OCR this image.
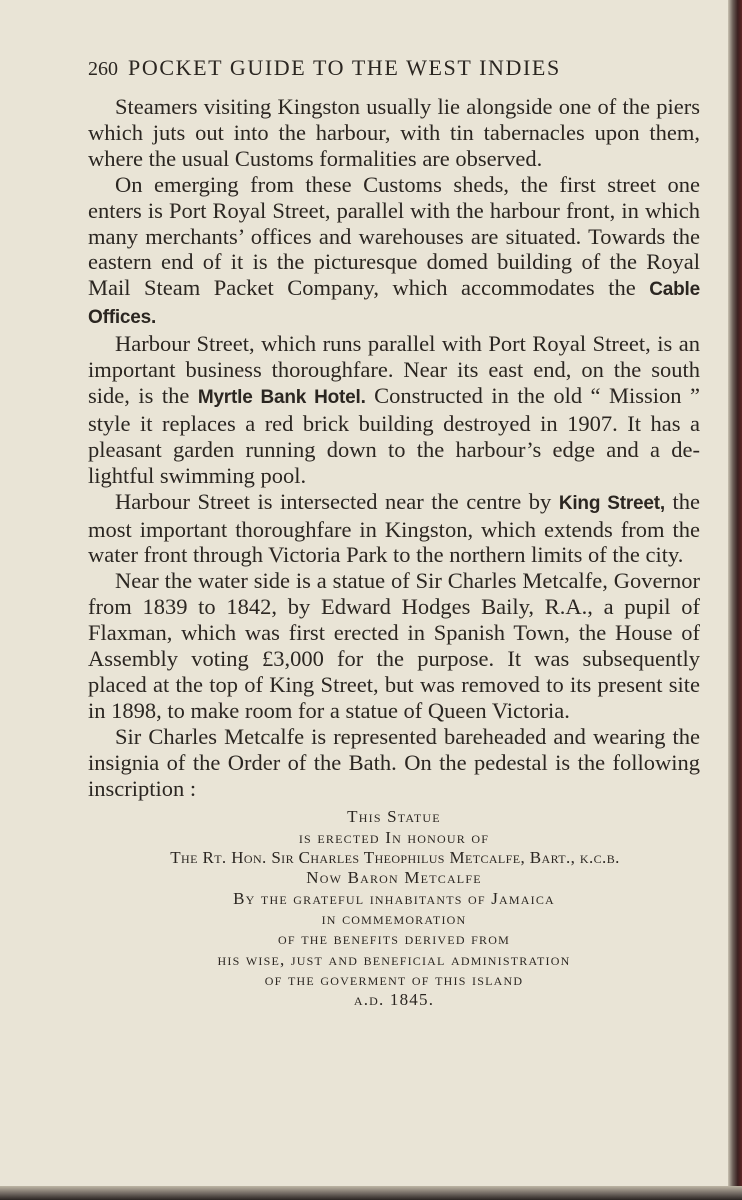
260 POCKET GUIDE TO THE WEST INDIES

Steamers visiting Kingston usually lie alongside one of the piers which juts out into the harbour, with tin tabernacles upon them, where the usual Customs formalities are observed.

On emerging from these Customs sheds, the first street one enters is Port Royal Street, parallel with the harbour front, in which many merchants’ offices and warehouses are situated. Towards the eastern end of it is the picturesque domed building of the Royal Mail Steam Packet Company, which accommodates the Cable Offices.

Harbour Street, which runs parallel with Port Royal Street, is an important business thoroughfare. Near its east end, on the south side, is the Myrtle Bank Hotel. Constructed in the old “ Mission ” style it replaces a red brick building destroyed in 1907. It has a pleasant garden running down to the harbour’s edge and a delightful swimming pool.

Harbour Street is intersected near the centre by King Street, the most important thoroughfare in Kingston, which extends from the water front through Victoria Park to the northern limits of the city.

Near the water side is a statue of Sir Charles Metcalfe, Governor from 1839 to 1842, by Edward Hodges Baily, R.A., a pupil of Flaxman, which was first erected in Spanish Town, the House of Assembly voting £3,000 for the purpose. It was subsequently placed at the top of King Street, but was removed to its present site in 1898, to make room for a statue of Queen Victoria.

Sir Charles Metcalfe is represented bareheaded and wearing the insignia of the Order of the Bath. On the pedestal is the following inscription :

This Statue
is erected In honour of
The Rt. Hon. Sir Charles Theophilus Metcalfe, Bart., k.c.b.
Now Baron Metcalfe
By the grateful inhabitants of Jamaica
in commemoration
of the benefits derived from
his wise, just and beneficial administration
of the goverment of this island
a.d. 1845.
